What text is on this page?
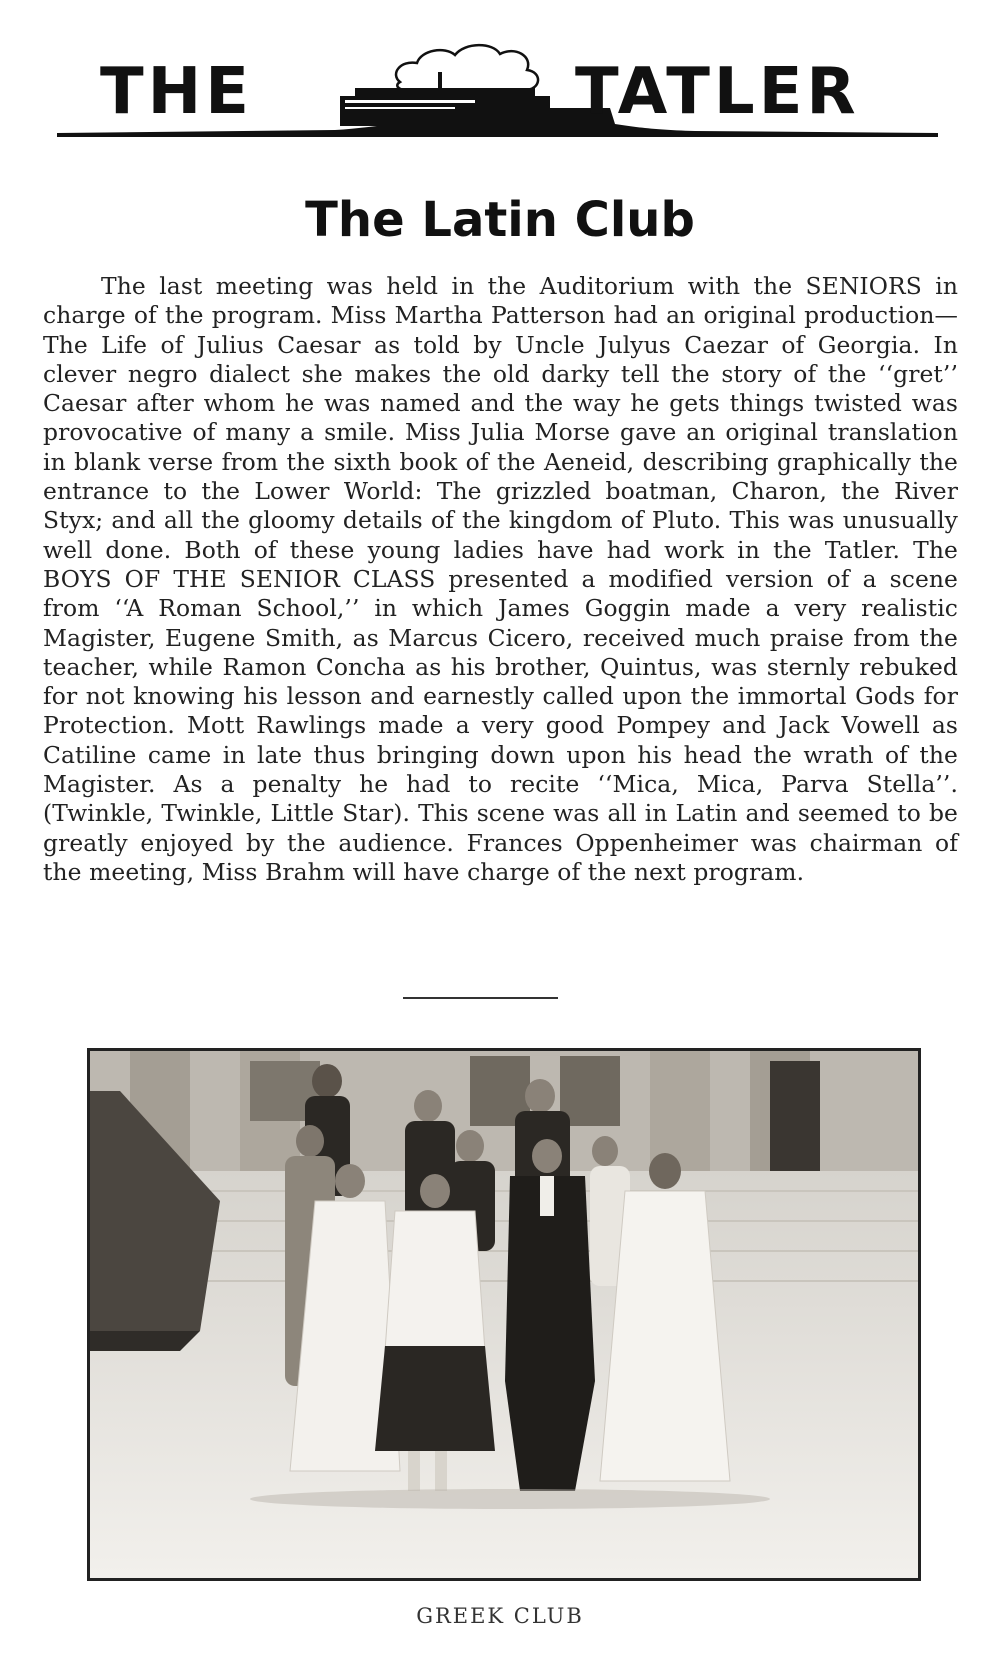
THE	TATLER
The Latin Club

The last meeting was held in the Auditorium with the SENIORS in charge of the program. Miss Martha Patterson had an original production—The Life of Julius Caesar as told by Uncle Julyus Caezar of Georgia. In clever negro dialect she makes the old darky tell the story of the ‘‘gret’’ Caesar after whom he was named and the way he gets things twisted was provocative of many a smile. Miss Julia Morse gave an original translation in blank verse from the sixth book of the Aeneid, describing graphically the entrance to the Lower World: The grizzled boatman, Charon, the River Styx; and all the gloomy details of the kingdom of Pluto. This was unusually well done. Both of these young ladies have had work in the Tatler. The BOYS OF THE SENIOR CLASS presented a modified version of a scene from ‘‘A Roman School,’’ in which James Goggin made a very realistic Magister, Eugene Smith, as Marcus Cicero, received much praise from the teacher, while Ramon Concha as his brother, Quintus, was sternly rebuked for not knowing his lesson and earnestly called upon the immortal Gods for Protection. Mott Rawlings made a very good Pompey and Jack Vowell as Catiline came in late thus bringing down upon his head the wrath of the Magister. As a penalty he had to recite ‘‘Mica, Mica, Parva Stella’’. (Twinkle, Twinkle, Little Star). This scene was all in Latin and seemed to be greatly enjoyed by the audience. Frances Oppenheimer was chairman of the meeting, Miss Brahm will have charge of the next program.

GREEK CLUB
